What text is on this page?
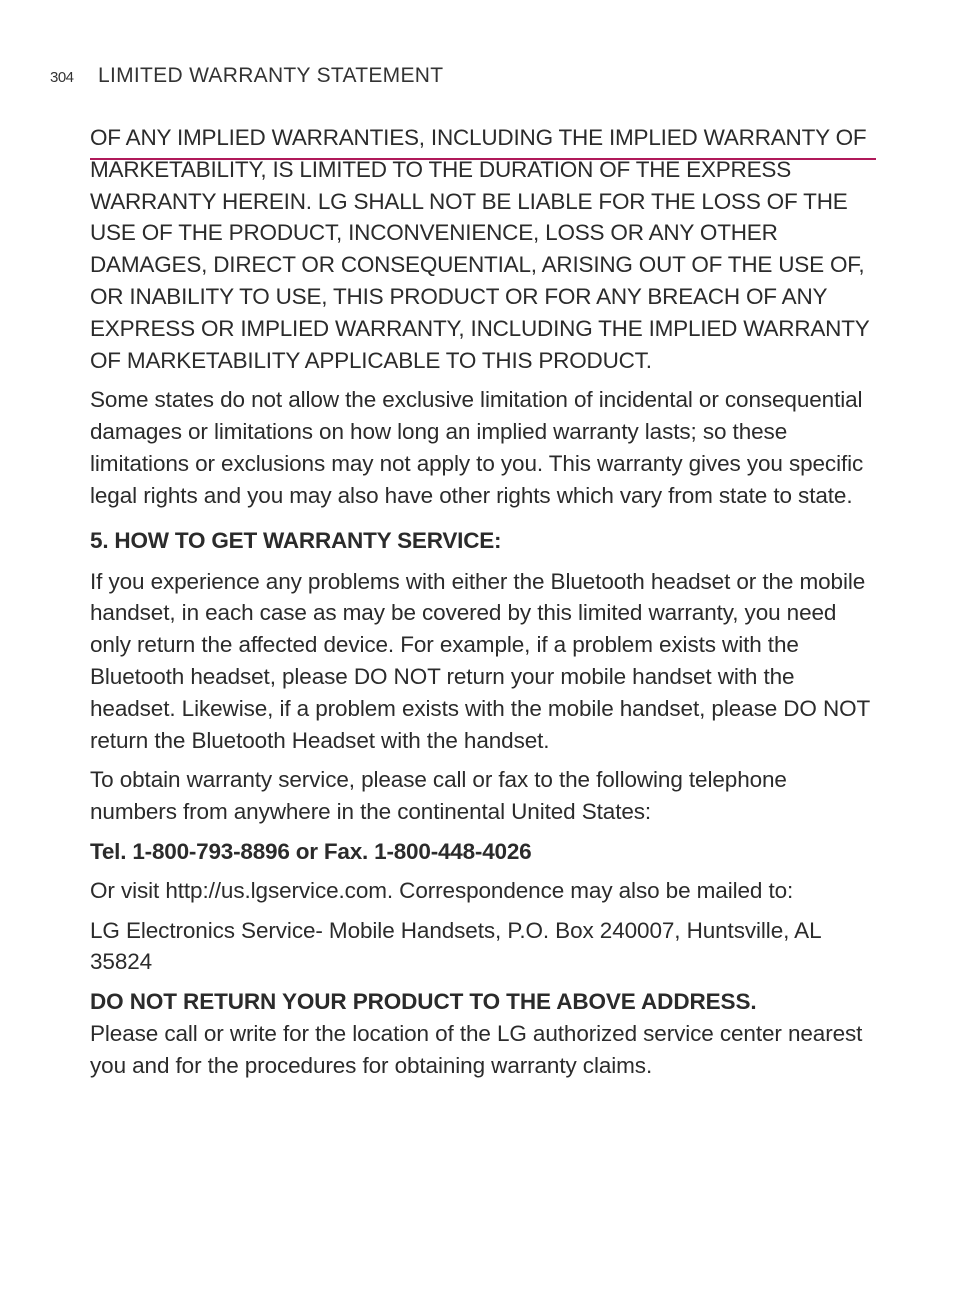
304 LIMITED WARRANTY STATEMENT

OF ANY IMPLIED WARRANTIES, INCLUDING THE IMPLIED WARRANTY OF MARKETABILITY, IS LIMITED TO THE DURATION OF THE EXPRESS WARRANTY HEREIN. LG SHALL NOT BE LIABLE FOR THE LOSS OF THE USE OF THE PRODUCT, INCONVENIENCE, LOSS OR ANY OTHER DAMAGES, DIRECT OR CONSEQUENTIAL, ARISING OUT OF THE USE OF, OR INABILITY TO USE, THIS PRODUCT OR FOR ANY BREACH OF ANY EXPRESS OR IMPLIED WARRANTY, INCLUDING THE IMPLIED WARRANTY OF MARKETABILITY APPLICABLE TO THIS PRODUCT.

Some states do not allow the exclusive limitation of incidental or consequential damages or limitations on how long an implied warranty lasts; so these limitations or exclusions may not apply to you. This warranty gives you specific legal rights and you may also have other rights which vary from state to state.

5. HOW TO GET WARRANTY SERVICE:

If you experience any problems with either the Bluetooth headset or the mobile handset, in each case as may be covered by this limited warranty, you need only return the affected device. For example, if a problem exists with the Bluetooth headset, please DO NOT return your mobile handset with the headset. Likewise, if a problem exists with the mobile handset, please DO NOT return the Bluetooth Headset with the handset.

To obtain warranty service, please call or fax to the following telephone numbers from anywhere in the continental United States:

Tel. 1-800-793-8896 or Fax. 1-800-448-4026

Or visit http://us.lgservice.com. Correspondence may also be mailed to:

LG Electronics Service- Mobile Handsets, P.O. Box 240007, Huntsville, AL 35824

DO NOT RETURN YOUR PRODUCT TO THE ABOVE ADDRESS.
Please call or write for the location of the LG authorized service center nearest you and for the procedures for obtaining warranty claims.
